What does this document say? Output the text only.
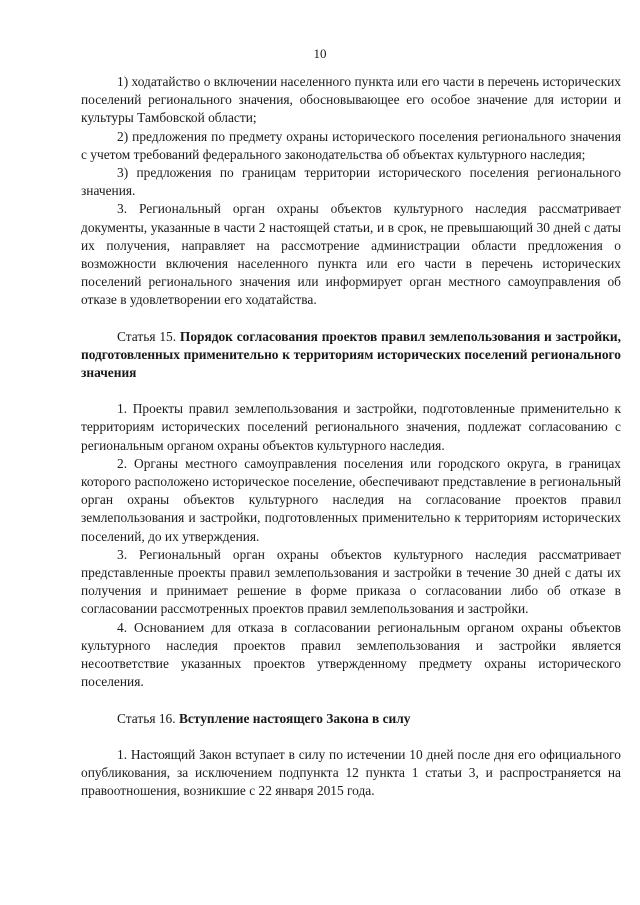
10

1) ходатайство о включении населенного пункта или его части в перечень исторических поселений регионального значения, обосновывающее его особое значение для истории и культуры Тамбовской области;

2) предложения по предмету охраны исторического поселения регионального значения с учетом требований федерального законодательства об объектах культурного наследия;

3) предложения по границам территории исторического поселения регионального значения.

3. Региональный орган охраны объектов культурного наследия рассматривает документы, указанные в части 2 настоящей статьи, и в срок, не превышающий 30 дней с даты их получения, направляет на рассмотрение администрации области предложения о возможности включения населенного пункта или его части в перечень исторических поселений регионального значения или информирует орган местного самоуправления об отказе в удовлетворении его ходатайства.

Статья 15. Порядок согласования проектов правил землепользования и застройки, подготовленных применительно к территориям исторических поселений регионального значения

1. Проекты правил землепользования и застройки, подготовленные применительно к территориям исторических поселений регионального значения, подлежат согласованию с региональным органом охраны объектов культурного наследия.

2. Органы местного самоуправления поселения или городского округа, в границах которого расположено историческое поселение, обеспечивают представление в региональный орган охраны объектов культурного наследия на согласование проектов правил землепользования и застройки, подготовленных применительно к территориям исторических поселений, до их утверждения.

3. Региональный орган охраны объектов культурного наследия рассматривает представленные проекты правил землепользования и застройки в течение 30 дней с даты их получения и принимает решение в форме приказа о согласовании либо об отказе в согласовании рассмотренных проектов правил землепользования и застройки.

4. Основанием для отказа в согласовании региональным органом охраны объектов культурного наследия проектов правил землепользования и застройки является несоответствие указанных проектов утвержденному предмету охраны исторического поселения.

Статья 16. Вступление настоящего Закона в силу

1. Настоящий Закон вступает в силу по истечении 10 дней после дня его официального опубликования, за исключением подпункта 12 пункта 1 статьи 3, и распространяется на правоотношения, возникшие с 22 января 2015 года.
